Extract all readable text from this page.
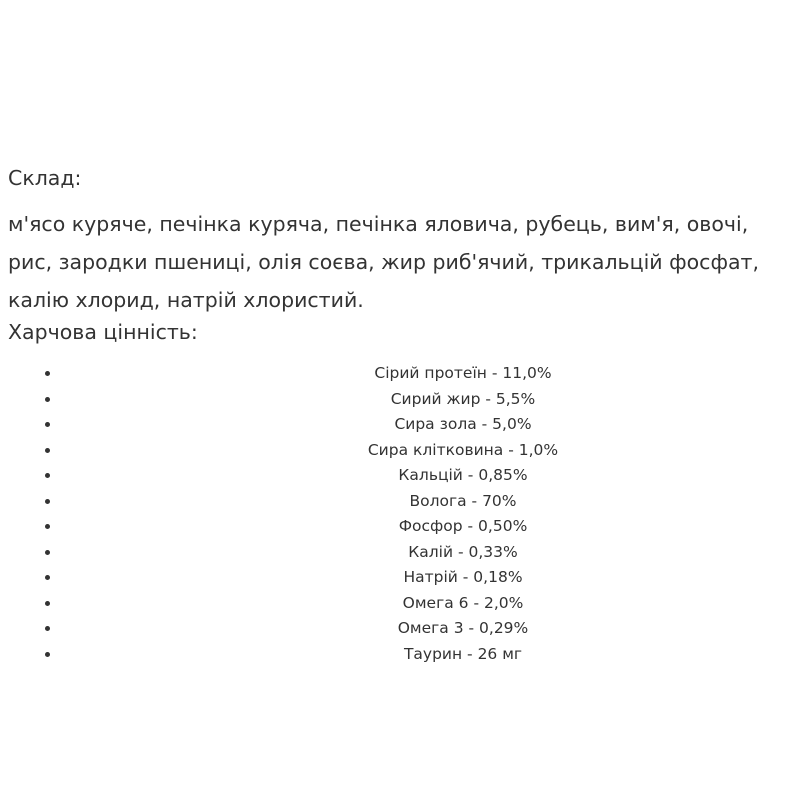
Склад:

м'ясо куряче, печінка куряча, печінка яловича, рубець, вим'я, овочі, рис, зародки пшениці, олія соєва, жир риб'ячий, трикальцій фосфат, калію хлорид, натрій хлористий.

Харчова цінність:
Сірий протеїн - 11,0%
Сирий жир - 5,5%
Сира зола - 5,0%
Сира клітковина - 1,0%
Кальцій - 0,85%
Волога - 70%
Фосфор - 0,50%
Калій - 0,33%
Натрій - 0,18%
Омега 6 - 2,0%
Омега 3 - 0,29%
Таурин - 26 мг
